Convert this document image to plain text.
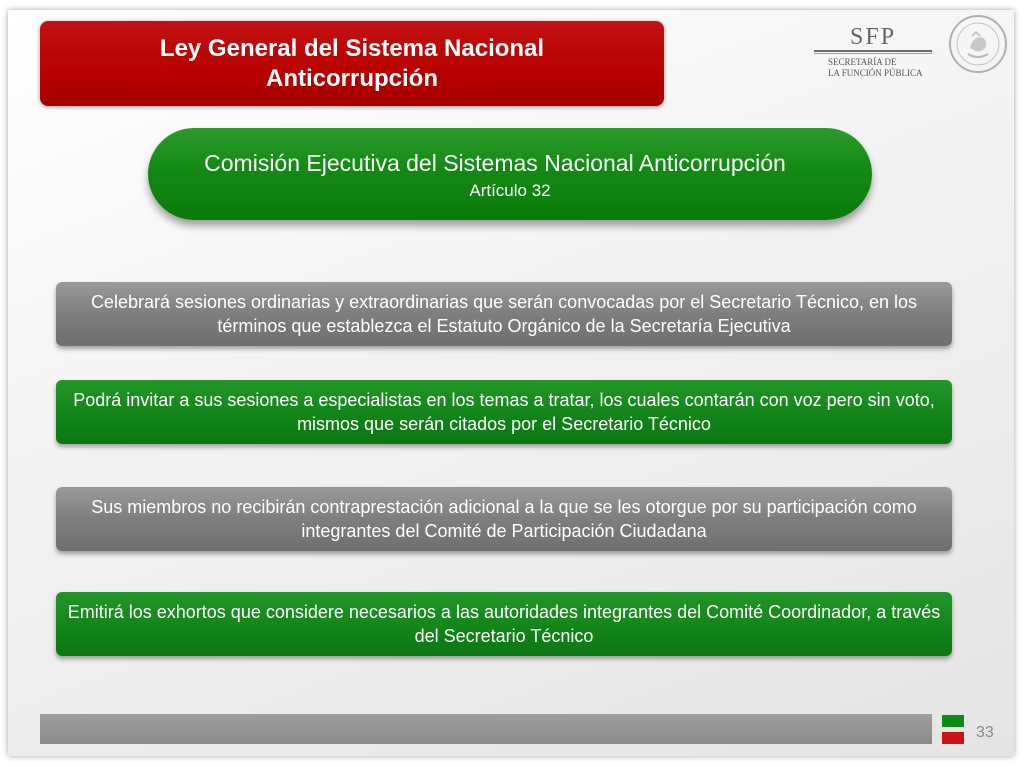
Ley General del Sistema Nacional Anticorrupción
SFP
SECRETARÍA DE
LA FUNCIÓN PÚBLICA
Comisión Ejecutiva del Sistemas Nacional Anticorrupción
Artículo 32
Celebrará sesiones ordinarias y extraordinarias que serán convocadas por el Secretario Técnico, en los términos que establezca el Estatuto Orgánico de la Secretaría Ejecutiva
Podrá invitar a sus sesiones a especialistas en los temas a tratar, los cuales contarán con voz pero sin voto, mismos que serán citados por el Secretario Técnico
Sus miembros no recibirán contraprestación adicional a la que se les otorgue por su participación como integrantes del Comité de Participación Ciudadana
Emitirá los exhortos que considere necesarios a las autoridades integrantes del Comité Coordinador, a través del Secretario Técnico
33
